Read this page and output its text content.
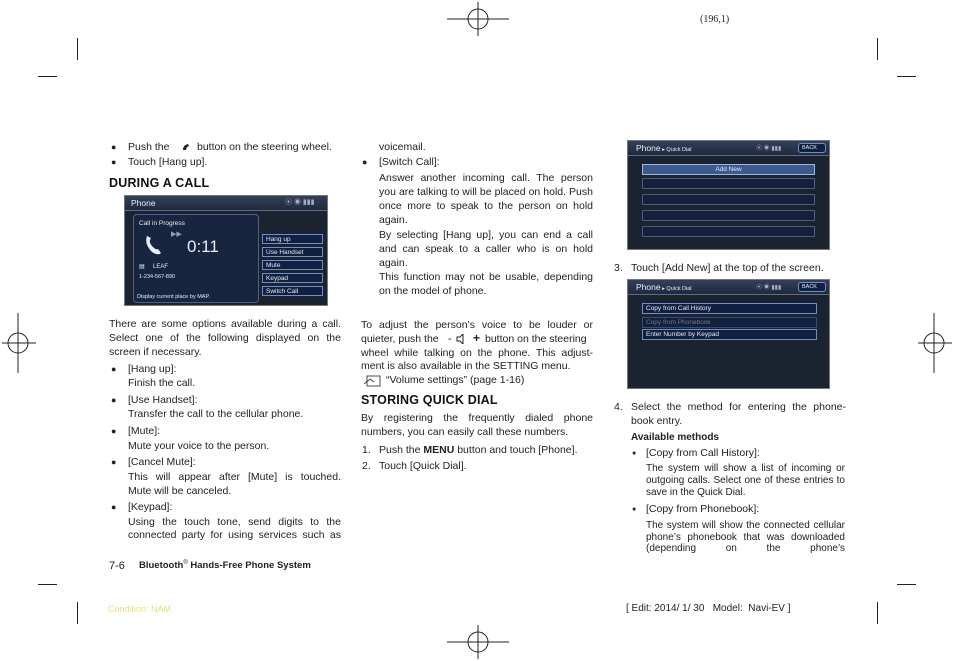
(196,1)
● Push the	button on the steering wheel.
● Touch [Hang up].
DURING A CALL
Phone	⦿ ◉ ▮▮▮
Call in Progress
▶▶
0:11
▤ LEAF
1-234-567-890
Display current place by MAP.
Hang up
Use Handset
Mute
Keypad
Switch Call
There are some options available during a call. Select one of the following displayed on the screen if necessary.
● [Hang up]:
Finish the call.
● [Use Handset]:
Transfer the call to the cellular phone.
● [Mute]:
Mute your voice to the person.
● [Cancel Mute]:
This will appear after [Mute] is touched.
Mute will be canceled.
● [Keypad]:
Using the touch tone, send digits to the
connected party for using services such as
voicemail.
● [Switch Call]:
Answer another incoming call. The person you are talking to will be placed on hold. Push once more to speak to the person on hold again.
By selecting [Hang up], you can end a call and can speak to a caller who is on hold again.
This function may not be usable, depending on the model of phone.
To adjust the person’s voice to be louder or
quieter, push the - + button on the steering
wheel while talking on the phone. This adjust-
ment is also available in the SETTING menu.
“Volume settings” (page 1-16)
STORING QUICK DIAL
By registering the frequently dialed phone numbers, you can easily call these numbers.
1. Push the MENU button and touch [Phone].
2. Touch [Quick Dial].
Phone ▸ Quick Dial	⦿ ◉ ▮▮▮	BACK
Add New
3. Touch [Add New] at the top of the screen.
Phone ▸ Quick Dial	⦿ ◉ ▮▮▮	BACK
Copy from Call History
Copy from Phonebook
Enter Number by Keypad
4. Select the method for entering the phone-book entry.
Available methods
● [Copy from Call History]:
The system will show a list of incoming or outgoing calls. Select one of these entries to save in the Quick Dial.
● [Copy from Phonebook]:
The system will show the connected cellular phone’s phonebook that was downloaded (depending on the phone’s
7-6 Bluetooth® Hands-Free Phone System
Condition: NAM	[ Edit: 2014/ 1/ 30   Model:  Navi-EV ]
